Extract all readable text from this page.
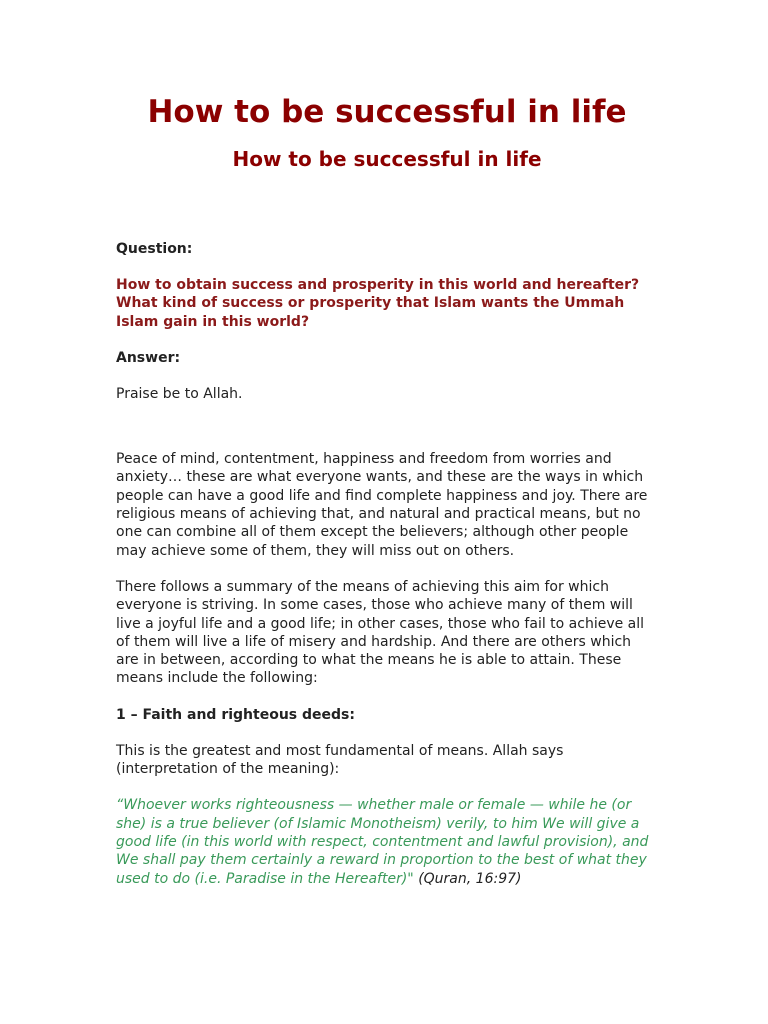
How to be successful in life
How to be successful in life

Question:

How to obtain success and prosperity in this world and hereafter? What kind of success or prosperity that Islam wants the Ummah Islam gain in this world?

Answer:

Praise be to Allah.

Peace of mind, contentment, happiness and freedom from worries and anxiety… these are what everyone wants, and these are the ways in which people can have a good life and find complete happiness and joy. There are religious means of achieving that, and natural and practical means, but no one can combine all of them except the believers; although other people may achieve some of them, they will miss out on others.

There follows a summary of the means of achieving this aim for which everyone is striving. In some cases, those who achieve many of them will live a joyful life and a good life; in other cases, those who fail to achieve all of them will live a life of misery and hardship. And there are others which are in between, according to what the means he is able to attain. These means include the following:

1 – Faith and righteous deeds:

This is the greatest and most fundamental of means. Allah says (interpretation of the meaning):

“Whoever works righteousness — whether male or female — while he (or she) is a true believer (of Islamic Monotheism) verily, to him We will give a good life (in this world with respect, contentment and lawful provision), and We shall pay them certainly a reward in proportion to the best of what they used to do (i.e. Paradise in the Hereafter)" (Quran, 16:97)
